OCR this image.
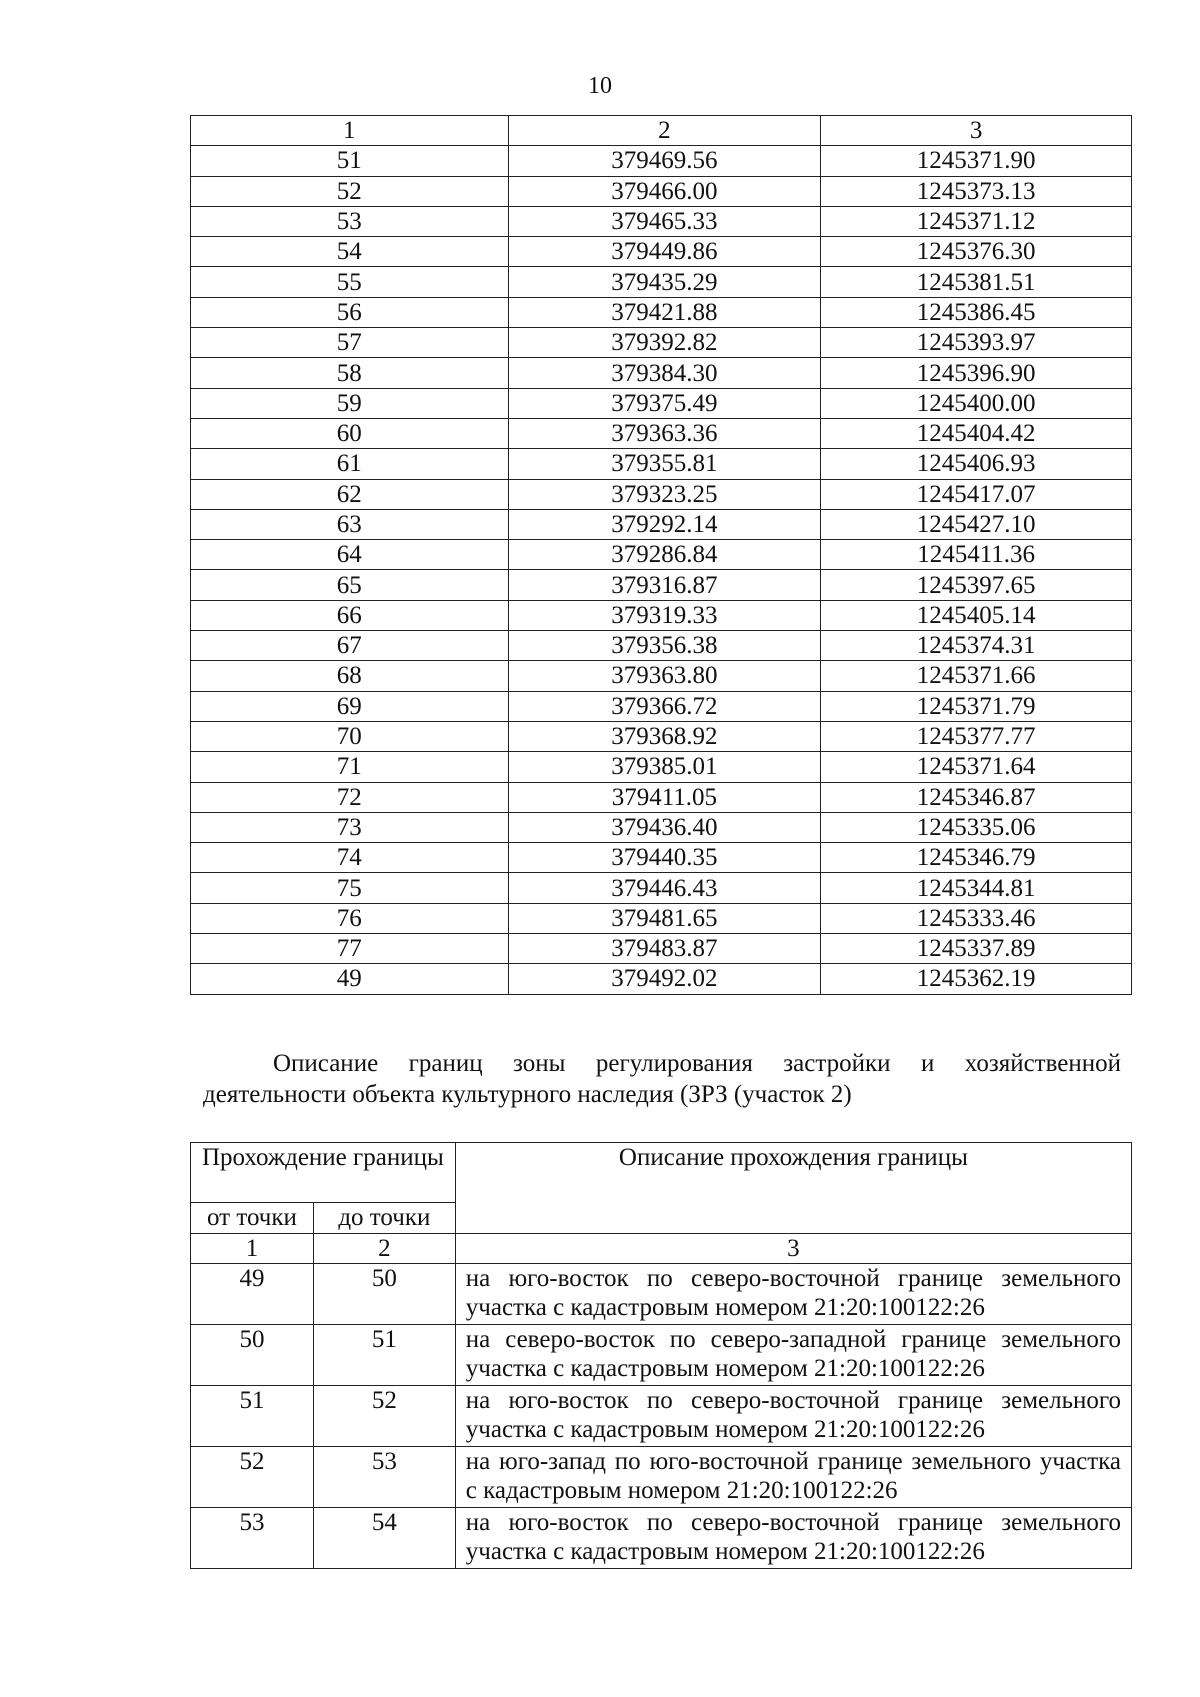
10
1	2	3
51	379469.56	1245371.90
52	379466.00	1245373.13
53	379465.33	1245371.12
54	379449.86	1245376.30
55	379435.29	1245381.51
56	379421.88	1245386.45
57	379392.82	1245393.97
58	379384.30	1245396.90
59	379375.49	1245400.00
60	379363.36	1245404.42
61	379355.81	1245406.93
62	379323.25	1245417.07
63	379292.14	1245427.10
64	379286.84	1245411.36
65	379316.87	1245397.65
66	379319.33	1245405.14
67	379356.38	1245374.31
68	379363.80	1245371.66
69	379366.72	1245371.79
70	379368.92	1245377.77
71	379385.01	1245371.64
72	379411.05	1245346.87
73	379436.40	1245335.06
74	379440.35	1245346.79
75	379446.43	1245344.81
76	379481.65	1245333.46
77	379483.87	1245337.89
49	379492.02	1245362.19
Описание границ зоны регулирования застройки и хозяйственной деятельности объекта культурного наследия (ЗРЗ (участок 2)
Прохождение границы		Описание прохождения границы
от точки	до точки	
1	2	3
49	50	на юго-восток по северо-восточной границе земельного участка с кадастровым номером 21:20:100122:26
50	51	на северо-восток по северо-западной границе земельного участка с кадастровым номером 21:20:100122:26
51	52	на юго-восток по северо-восточной границе земельного участка с кадастровым номером 21:20:100122:26
52	53	на юго-запад по юго-восточной границе земельного участка с кадастровым номером 21:20:100122:26
53	54	на юго-восток по северо-восточной границе земельного участка с кадастровым номером 21:20:100122:26
